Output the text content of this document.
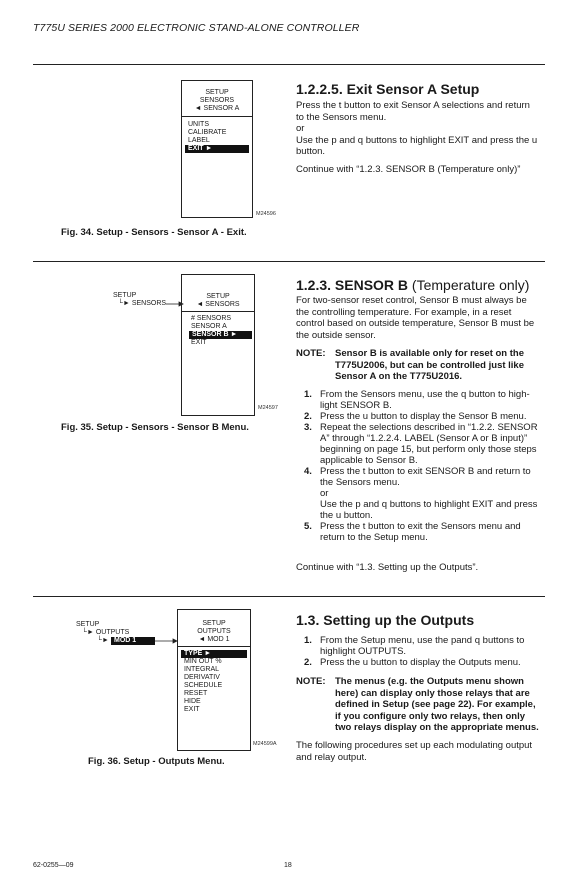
T775U SERIES 2000 ELECTRONIC STAND-ALONE CONTROLLER
SETUP
SENSORS
◄ SENSOR A
UNITS
CALIBRATE
LABEL
EXIT ►
M24596
Fig. 34. Setup - Sensors - Sensor A - Exit.
1.2.2.5. Exit Sensor A Setup
Press the t button to exit Sensor A selections and return
to the Sensors menu.
or
Use the p and q buttons to highlight EXIT and press the u
button.
Continue with “1.2.3. SENSOR B (Temperature only)”
SETUP
└► SENSORS
SETUP
◄ SENSORS
# SENSORS
SENSOR A
SENSOR B ►
EXIT
M24597
Fig. 35. Setup - Sensors - Sensor B Menu.
1.2.3. SENSOR B (Temperature only)
For two-sensor reset control, Sensor B must always be
the controlling temperature. For example, in a reset
control based on outside temperature, Sensor B must be
the outside sensor.
NOTE: Sensor B is available only for reset on the
T775U2006, but can be controlled just like
Sensor A on the T775U2016.
1. From the Sensors menu, use the q button to high-
light SENSOR B.
2. Press the u button to display the Sensor B menu.
3. Repeat the selections described in “1.2.2. SENSOR
A” through “1.2.2.4. LABEL (Sensor A or B input)”
beginning on page 15, but perform only those steps
applicable to Sensor B.
4. Press the t button to exit SENSOR B and return to
the Sensors menu.
or
Use the p and q buttons to highlight EXIT and press
the u button.
5. Press the t button to exit the Sensors menu and
return to the Setup menu.
Continue with “1.3. Setting up the Outputs”.
SETUP
└► OUTPUTS
└► MOD 1
SETUP
OUTPUTS
◄ MOD 1
TYPE ►
MIN OUT %
INTEGRAL
DERIVATIV
SCHEDULE
RESET
HIDE
EXIT
M24599A
Fig. 36. Setup - Outputs Menu.
1.3. Setting up the Outputs
1. From the Setup menu, use the pand q buttons to
highlight OUTPUTS.
2. Press the u button to display the Outputs menu.
NOTE: The menus (e.g. the Outputs menu shown
here) can display only those relays that are
defined in Setup (see page 22). For example,
if you configure only two relays, then only
two relays display on the appropriate menus.
The following procedures set up each modulating output
and relay output.
62-0255—09	18
